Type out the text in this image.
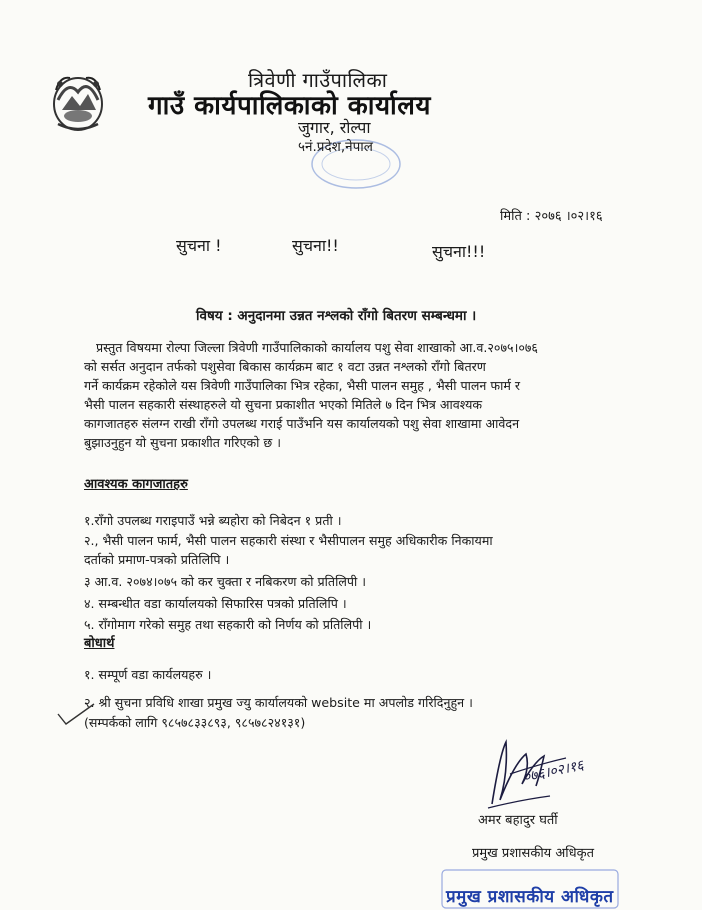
त्रिवेणी गाउँपालिका
गाउँ कार्यपालिकाको कार्यालय
जुगार, रोल्पा
५नं.प्रदेश,नेपाल
मिति : २०७६ ।०२।१६
सुचना !	सुचना!!	सुचना!!!
विषय : अनुदानमा उन्नत नश्लको राँगो बितरण सम्बन्धमा ।
प्रस्तुत विषयमा रोल्पा जिल्ला त्रिवेणी गाउँपालिकाको कार्यालय पशु सेवा शाखाको आ.व.२०७५।०७६
को सर्सत अनुदान तर्फको पशुसेवा बिकास कार्यक्रम बाट १ वटा उन्नत नश्लको राँगो बितरण
गर्ने कार्यक्रम रहेकोले यस त्रिवेणी गाउँपालिका भित्र रहेका, भैसी पालन समुह , भैसी पालन फार्म र
भैसी पालन सहकारी संस्थाहरुले यो सुचना प्रकाशीत भएको मितिले ७ दिन भित्र आवश्यक
कागजातहरु संलग्न राखी राँगो उपलब्ध गराई पाउँभनि यस कार्यालयको पशु सेवा शाखामा आवेदन
बुझाउनुहुन यो सुचना प्रकाशीत गरिएको छ ।
आवश्यक कागजातहरु
१.राँगो उपलब्ध गराइपाउँ भन्ने ब्यहोरा को निबेदन १ प्रती ।
२., भैसी पालन फार्म, भैसी पालन सहकारी संस्था र भैसीपालन समुह अधिकारीक निकायमा
दर्ताको प्रमाण-पत्रको प्रतिलिपि ।
३ आ.व. २०७४।०७५ को कर चुक्ता र नबिकरण को प्रतिलिपी ।
४. सम्बन्धीत वडा कार्यालयको सिफारिस पत्रको प्रतिलिपि ।
५. राँगोमाग गरेको समुह तथा सहकारी को निर्णय को प्रतिलिपी ।
बोधार्थ
१. सम्पूर्ण वडा कार्यलयहरु ।
२. श्री सुचना प्रविधि शाखा प्रमुख ज्यु कार्यालयको website मा अपलोड गरिदिनुहुन ।
(सम्पर्कको लागि ९८५७८३३८९३, ९८५७८२४१३१)
०७६।०२।१६
अमर बहादुर घर्ती
प्रमुख प्रशासकीय अधिकृत
प्रमुख प्रशासकीय अधिकृत
